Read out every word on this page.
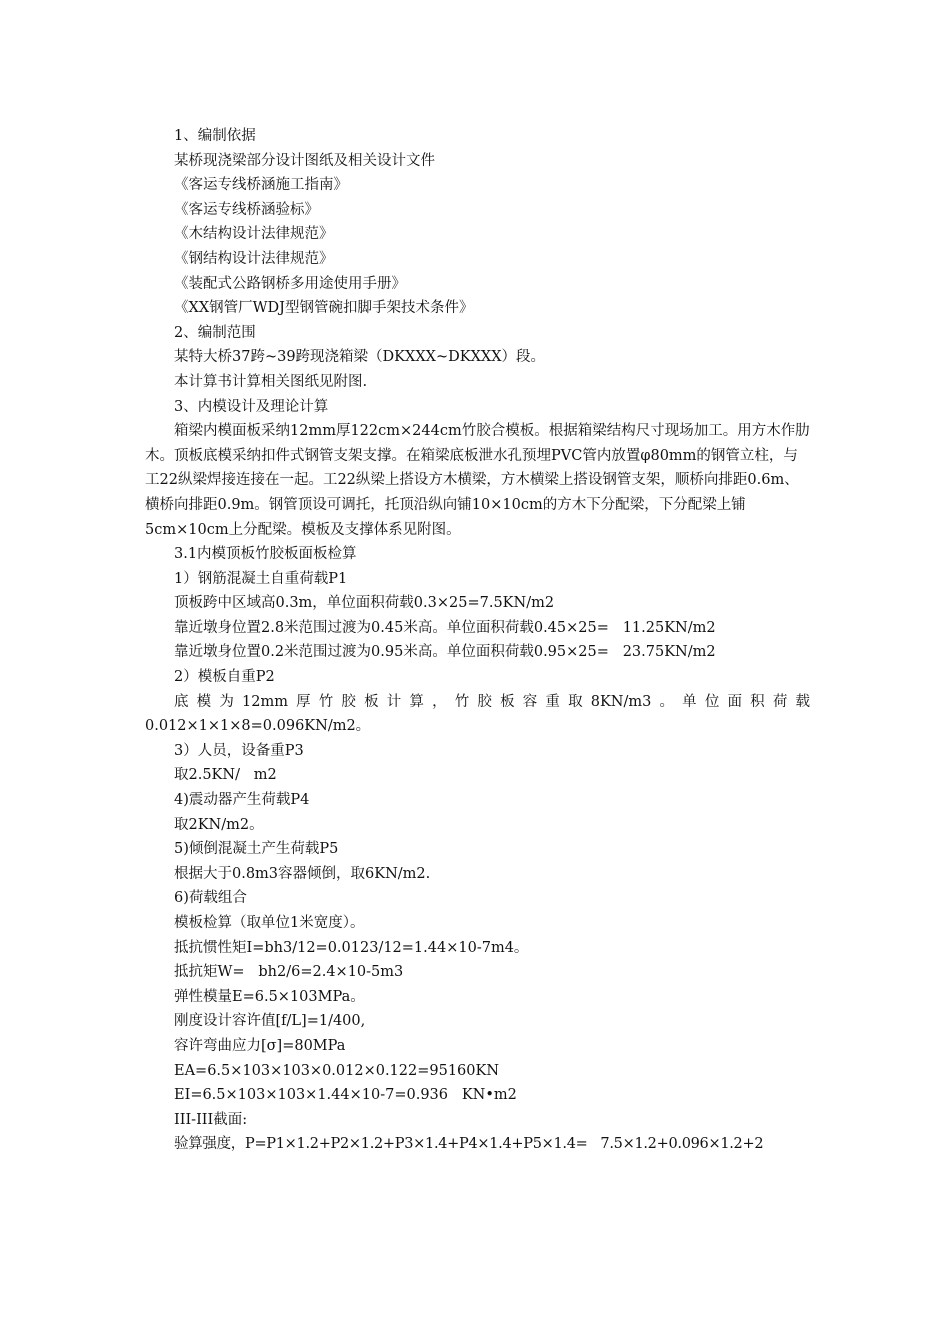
1、编制依据
某桥现浇梁部分设计图纸及相关设计文件
《客运专线桥涵施工指南》
《客运专线桥涵验标》
《木结构设计法律规范》
《钢结构设计法律规范》
《装配式公路钢桥多用途使用手册》
《XX钢管厂WDJ型钢管碗扣脚手架技术条件》
2、编制范围
某特大桥37跨~39跨现浇箱梁（DKXXX~DKXXX）段。
本计算书计算相关图纸见附图.
3、内模设计及理论计算
箱梁内模面板采纳12mm厚122cm×244cm竹胶合模板。根据箱梁结构尺寸现场加工。用方木作肋木。顶板底模采纳扣件式钢管支架支撑。在箱梁底板泄水孔预埋PVC管内放置φ80mm的钢管立柱，与工22纵梁焊接连接在一起。工22纵梁上搭设方木横梁，方木横梁上搭设钢管支架，顺桥向排距0.6m、横桥向排距0.9m。钢管顶设可调托，托顶沿纵向铺10×10cm的方木下分配梁，下分配梁上铺5cm×10cm上分配梁。模板及支撑体系见附图。
3.1内模顶板竹胶板面板检算
1）钢筋混凝土自重荷载P1
顶板跨中区域高0.3m，单位面积荷载0.3×25=7.5KN/m2
靠近墩身位置2.8米范围过渡为0.45米高。单位面积荷载0.45×25=   11.25KN/m2
靠近墩身位置0.2米范围过渡为0.95米高。单位面积荷载0.95×25=   23.75KN/m2
2）模板自重P2
底模为12mm厚竹胶板计算，竹胶板容重取8KN/m3。单位面积荷载
0.012×1×1×8=0.096KN/m2。
3）人员，设备重P3
取2.5KN/   m2
4)震动器产生荷载P4
取2KN/m2。
5)倾倒混凝土产生荷载P5
根据大于0.8m3容器倾倒，取6KN/m2.
6)荷载组合
模板检算（取单位1米宽度）。
抵抗惯性矩I=bh3/12=0.0123/12=1.44×10-7m4。
抵抗矩W=   bh2/6=2.4×10-5m3
弹性模量E=6.5×103MPa。
刚度设计容许值[f/L]=1/400,
容许弯曲应力[σ]=80MPa
EA=6.5×103×103×0.012×0.122=95160KN
EI=6.5×103×103×1.44×10-7=0.936   KN•m2
III-III截面:
验算强度，P=P1×1.2+P2×1.2+P3×1.4+P4×1.4+P5×1.4=   7.5×1.2+0.096×1.2+2
